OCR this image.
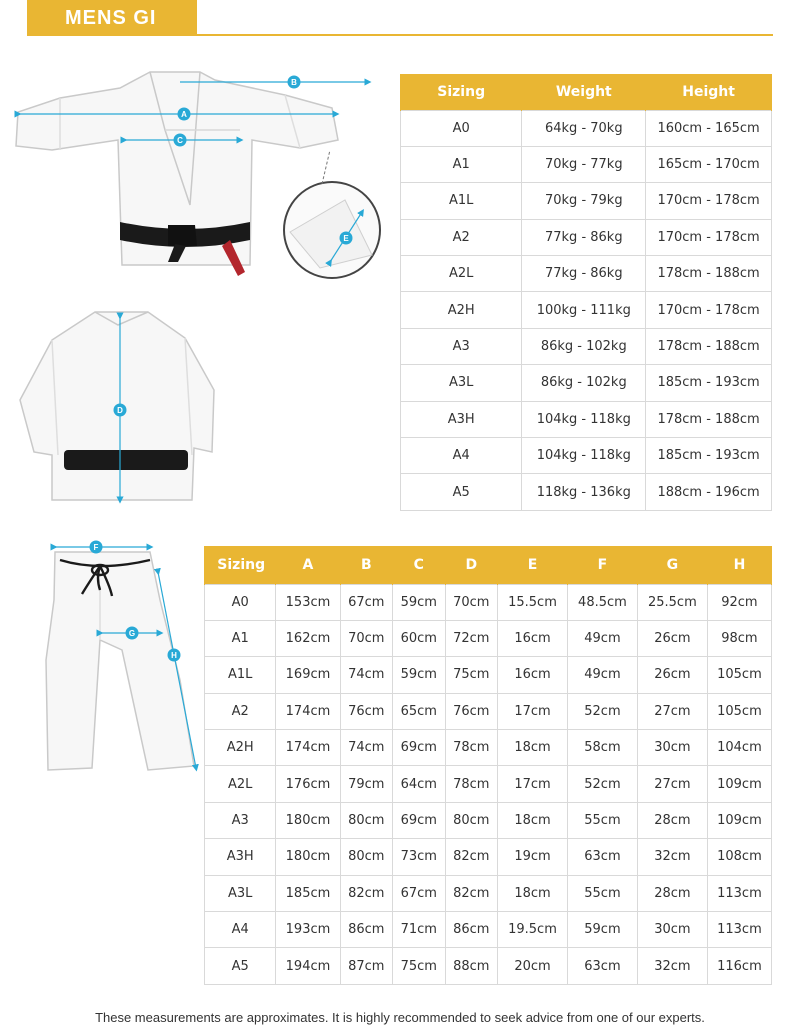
MENS GI
B
A
C
E
D
F
G
H
Sizing	Weight	Height
A0	64kg - 70kg	160cm - 165cm
A1	70kg - 77kg	165cm - 170cm
A1L	70kg - 79kg	170cm - 178cm
A2	77kg - 86kg	170cm - 178cm
A2L	77kg - 86kg	178cm - 188cm
A2H	100kg - 111kg	170cm - 178cm
A3	86kg - 102kg	178cm - 188cm
A3L	86kg - 102kg	185cm - 193cm
A3H	104kg - 118kg	178cm - 188cm
A4	104kg - 118kg	185cm - 193cm
A5	118kg - 136kg	188cm - 196cm
Sizing	A	B	C	D	E	F	G	H
A0	153cm	67cm	59cm	70cm	15.5cm	48.5cm	25.5cm	92cm
A1	162cm	70cm	60cm	72cm	16cm	49cm	26cm	98cm
A1L	169cm	74cm	59cm	75cm	16cm	49cm	26cm	105cm
A2	174cm	76cm	65cm	76cm	17cm	52cm	27cm	105cm
A2H	174cm	74cm	69cm	78cm	18cm	58cm	30cm	104cm
A2L	176cm	79cm	64cm	78cm	17cm	52cm	27cm	109cm
A3	180cm	80cm	69cm	80cm	18cm	55cm	28cm	109cm
A3H	180cm	80cm	73cm	82cm	19cm	63cm	32cm	108cm
A3L	185cm	82cm	67cm	82cm	18cm	55cm	28cm	113cm
A4	193cm	86cm	71cm	86cm	19.5cm	59cm	30cm	113cm
A5	194cm	87cm	75cm	88cm	20cm	63cm	32cm	116cm
These measurements are approximates. It is highly recommended to seek advice from one of our experts.
